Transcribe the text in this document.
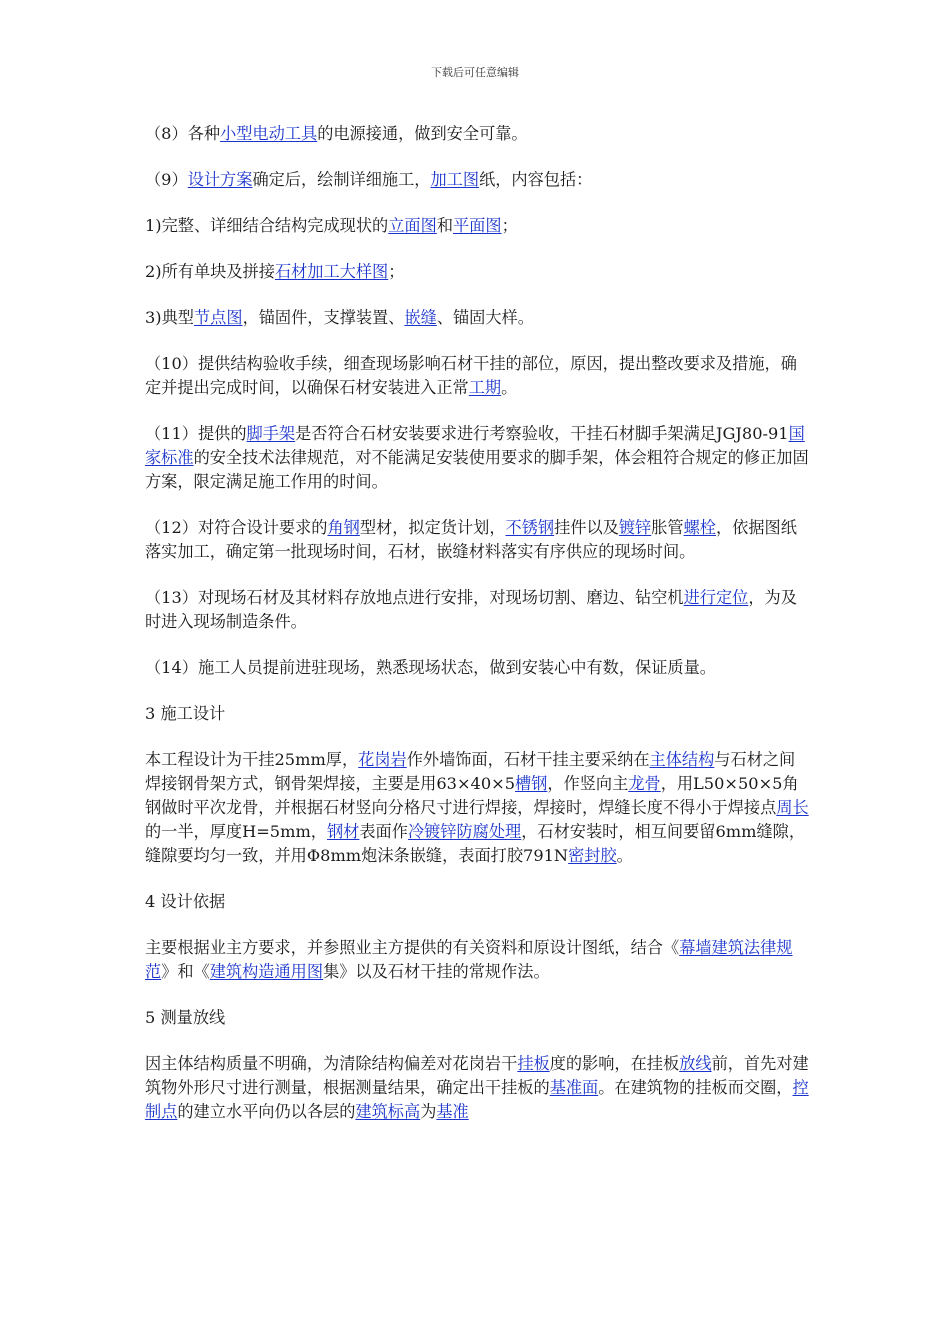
下载后可任意编辑

（8）各种小型电动工具的电源接通，做到安全可靠。

（9）设计方案确定后，绘制详细施工，加工图纸，内容包括：

1)完整、详细结合结构完成现状的立面图和平面图；

2)所有单块及拼接石材加工大样图；

3)典型节点图，锚固件，支撑装置、嵌缝、锚固大样。

（10）提供结构验收手续，细查现场影响石材干挂的部位，原因，提出整改要求及措施，确定并提出完成时间，以确保石材安装进入正常工期。

（11）提供的脚手架是否符合石材安装要求进行考察验收，干挂石材脚手架满足JGJ80-91国家标准的安全技术法律规范，对不能满足安装使用要求的脚手架，体会粗符合规定的修正加固方案，限定满足施工作用的时间。

（12）对符合设计要求的角钢型材，拟定货计划，不锈钢挂件以及镀锌胀管螺栓，依据图纸落实加工，确定第一批现场时间，石材，嵌缝材料落实有序供应的现场时间。

（13）对现场石材及其材料存放地点进行安排，对现场切割、磨边、钻空机进行定位，为及时进入现场制造条件。

（14）施工人员提前进驻现场，熟悉现场状态，做到安装心中有数，保证质量。

3 施工设计

本工程设计为干挂25mm厚，花岗岩作外墙饰面，石材干挂主要采纳在主体结构与石材之间焊接钢骨架方式，钢骨架焊接，主要是用63×40×5槽钢，作竖向主龙骨，用L50×50×5角钢做时平次龙骨，并根据石材竖向分格尺寸进行焊接，焊接时，焊缝长度不得小于焊接点周长的一半，厚度H=5mm，钢材表面作冷镀锌防腐处理，石材安装时，相互间要留6mm缝隙，缝隙要均匀一致，并用Φ8mm炮沫条嵌缝，表面打胶791N密封胶。

4 设计依据

主要根据业主方要求，并参照业主方提供的有关资料和原设计图纸，结合《幕墙建筑法律规范》和《建筑构造通用图集》以及石材干挂的常规作法。

5 测量放线

因主体结构质量不明确，为清除结构偏差对花岗岩干挂板度的影响，在挂板放线前，首先对建筑物外形尺寸进行测量，根据测量结果，确定出干挂板的基准面。在建筑物的挂板而交圈，控制点的建立水平向仍以各层的建筑标高为基准
